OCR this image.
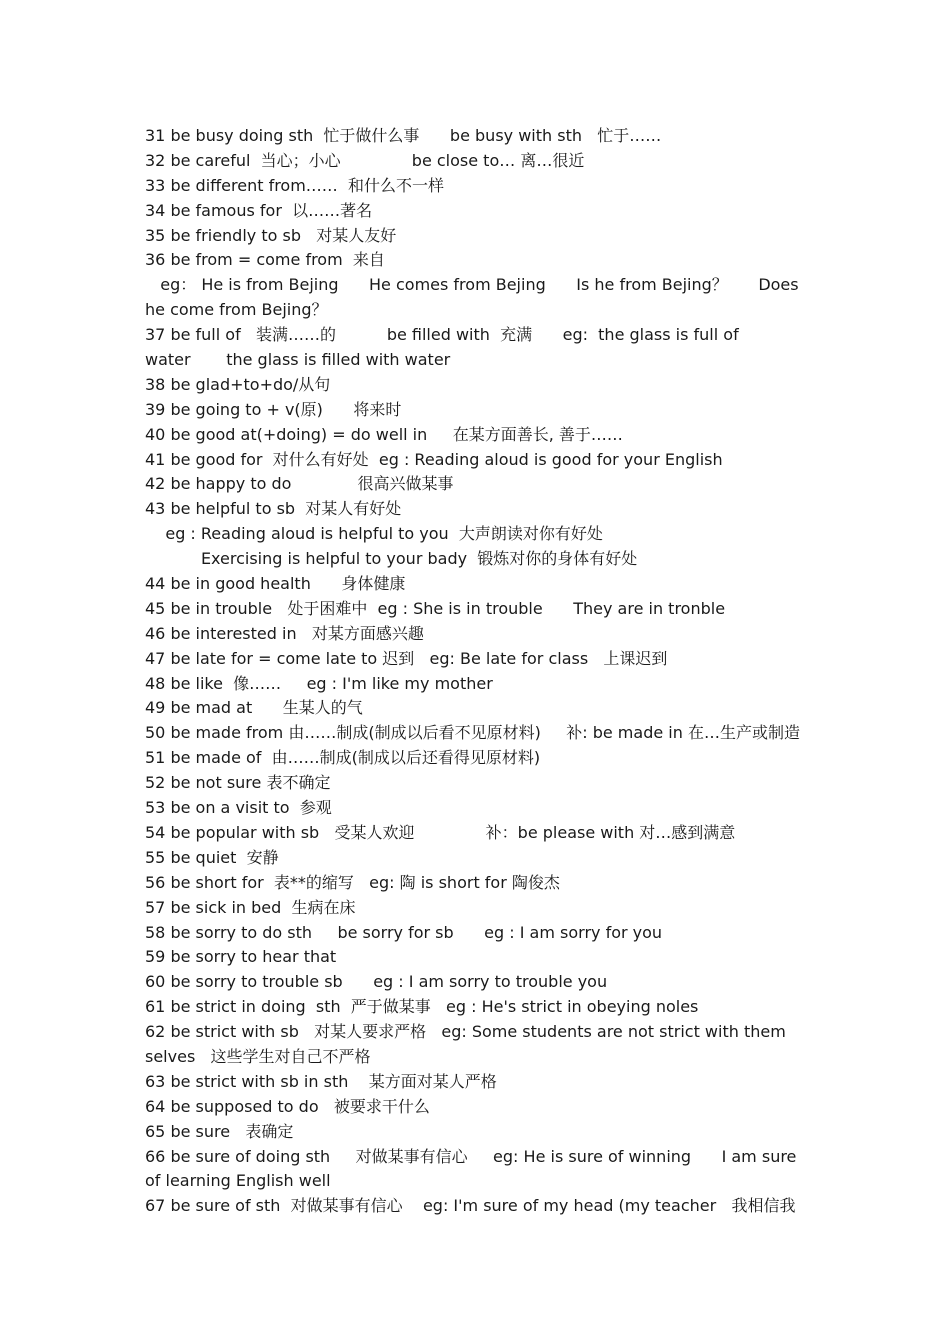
31 be busy doing sth  忙于做什么事      be busy with sth   忙于……
32 be careful  当心；小心              be close to… 离…很近
33 be different from……  和什么不一样
34 be famous for  以……著名
35 be friendly to sb   对某人友好
36 be from = come from  来自
eg： He is from Bejing      He comes from Bejing      Is he from Bejing？      Does
he come from Bejing？
37 be full of   装满……的          be filled with  充满      eg:  the glass is full of
water       the glass is filled with water
38 be glad+to+do/从句
39 be going to + v(原)      将来时
40 be good at(+doing) = do well in     在某方面善长, 善于……
41 be good for  对什么有好处  eg : Reading aloud is good for your English
42 be happy to do             很高兴做某事
43 be helpful to sb  对某人有好处
eg : Reading aloud is helpful to you  大声朗读对你有好处
Exercising is helpful to your bady  锻炼对你的身体有好处
44 be in good health      身体健康
45 be in trouble   处于困难中  eg : She is in trouble      They are in tronble
46 be interested in   对某方面感兴趣
47 be late for = come late to 迟到   eg: Be late for class   上课迟到
48 be like  像……     eg : I'm like my mother
49 be mad at      生某人的气
50 be made from 由……制成(制成以后看不见原材料)     补: be made in 在…生产或制造
51 be made of  由……制成(制成以后还看得见原材料)
52 be not sure 表不确定
53 be on a visit to  参观
54 be popular with sb   受某人欢迎              补：be please with 对…感到满意
55 be quiet  安静
56 be short for  表**的缩写   eg: 陶 is short for 陶俊杰
57 be sick in bed  生病在床
58 be sorry to do sth     be sorry for sb      eg : I am sorry for you
59 be sorry to hear that
60 be sorry to trouble sb      eg : I am sorry to trouble you
61 be strict in doing  sth  严于做某事   eg : He's strict in obeying noles
62 be strict with sb   对某人要求严格   eg: Some students are not strict with them
selves   这些学生对自己不严格
63 be strict with sb in sth    某方面对某人严格
64 be supposed to do   被要求干什么
65 be sure   表确定
66 be sure of doing sth     对做某事有信心     eg: He is sure of winning      I am sure
of learning English well
67 be sure of sth  对做某事有信心    eg: I'm sure of my head (my teacher   我相信我
